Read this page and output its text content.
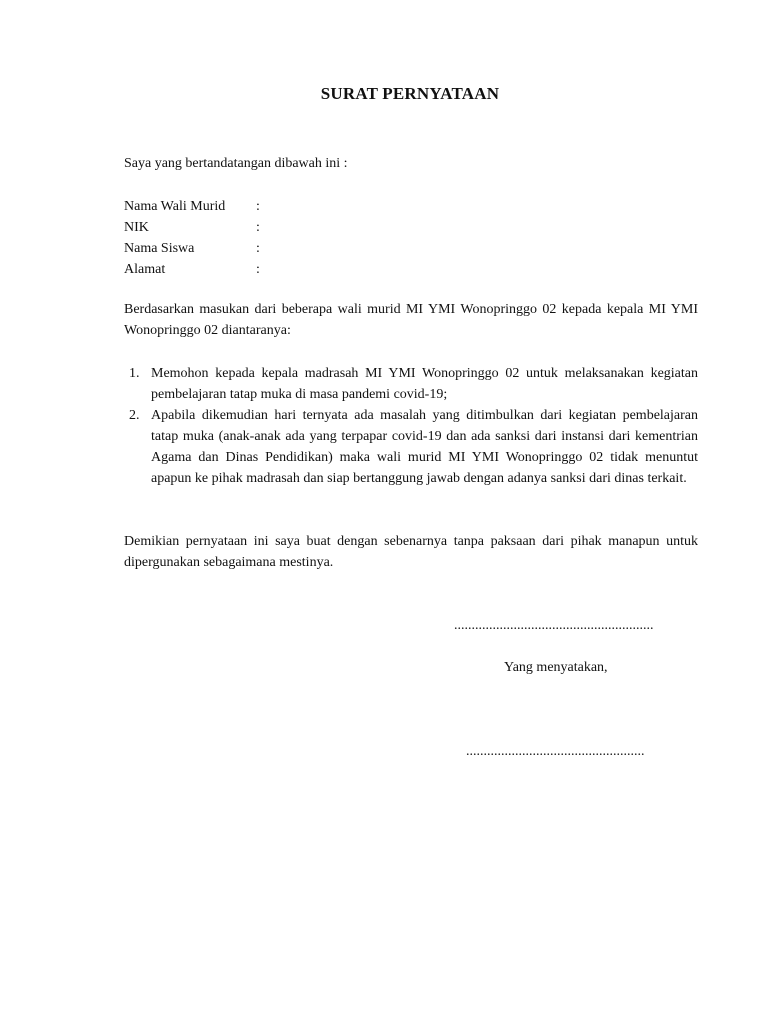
SURAT PERNYATAAN
Saya yang bertandatangan dibawah ini :
Nama Wali Murid	:
NIK	:
Nama Siswa	:
Alamat	:
Berdasarkan masukan dari beberapa wali murid MI YMI Wonopringgo 02 kepada kepala MI YMI Wonopringgo 02 diantaranya:
1. Memohon kepada kepala madrasah MI YMI Wonopringgo 02 untuk melaksanakan kegiatan pembelajaran tatap muka di masa pandemi covid-19;
2. Apabila dikemudian hari ternyata ada masalah yang ditimbulkan dari kegiatan pembelajaran tatap muka (anak-anak ada yang terpapar covid-19 dan ada sanksi dari instansi dari kementrian Agama dan Dinas Pendidikan) maka wali murid MI YMI Wonopringgo 02 tidak menuntut apapun ke pihak madrasah dan siap bertanggung jawab dengan adanya sanksi dari dinas terkait.
Demikian pernyataan ini saya buat dengan sebenarnya tanpa paksaan dari pihak manapun untuk dipergunakan sebagaimana mestinya.
.........................................................
Yang menyatakan,
...................................................
